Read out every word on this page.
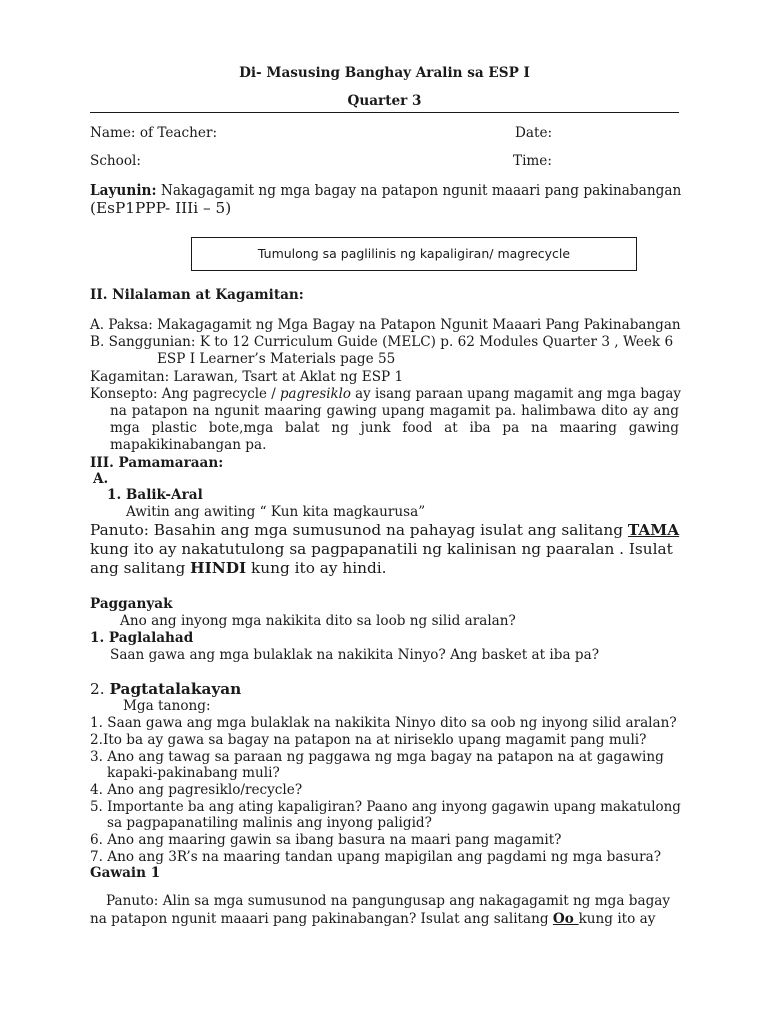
Di- Masusing Banghay Aralin sa ESP I
Quarter 3
Name: of Teacher:	Date:
School:	Time:
Layunin: Nakagagamit ng mga bagay na patapon ngunit maaari pang pakinabangan
(EsP1PPP- IIIi – 5)
Tumulong sa paglilinis ng kapaligiran/ magrecycle
II. Nilalaman at Kagamitan:
A. Paksa: Makagagamit ng Mga Bagay na Patapon Ngunit Maaari Pang Pakinabangan
B. Sanggunian: K to 12 Curriculum Guide (MELC) p. 62 Modules Quarter 3 , Week 6
ESP I Learner’s Materials page 55
Kagamitan: Larawan, Tsart at Aklat ng ESP 1
Konsepto: Ang pagrecycle / pagresiklo ay isang paraan upang magamit ang mga bagay
na patapon na ngunit maaring gawing upang magamit pa. halimbawa dito ay ang
mga plastic bote,mga balat ng junk food at iba pa na maaring gawing
mapakikinabangan pa.
III. Pamamaraan:
A.
1. Balik-Aral
Awitin ang awiting “ Kun kita magkaurusa”
Panuto: Basahin ang mga sumusunod na pahayag isulat ang salitang TAMA
kung ito ay nakatutulong sa pagpapanatili ng kalinisan ng paaralan . Isulat
ang salitang HINDI kung ito ay hindi.
Pagganyak
Ano ang inyong mga nakikita dito sa loob ng silid aralan?
1. Paglalahad
Saan gawa ang mga bulaklak na nakikita Ninyo? Ang basket at iba pa?
2. Pagtatalakayan
Mga tanong:
1. Saan gawa ang mga bulaklak na nakikita Ninyo dito sa oob ng inyong silid aralan?
2.Ito ba ay gawa sa bagay na patapon na at niriseklo upang magamit pang muli?
3. Ano ang tawag sa paraan ng paggawa ng mga bagay na patapon na at gagawing
kapaki-pakinabang muli?
4. Ano ang pagresiklo/recycle?
5. Importante ba ang ating kapaligiran? Paano ang inyong gagawin upang makatulong
sa pagpapanatiling malinis ang inyong paligid?
6. Ano ang maaring gawin sa ibang basura na maari pang magamit?
7. Ano ang 3R’s na maaring tandan upang mapigilan ang pagdami ng mga basura?
Gawain 1
Panuto: Alin sa mga sumusunod na pangungusap ang nakagagamit ng mga bagay
na patapon ngunit maaari pang pakinabangan? Isulat ang salitang Oo kung ito ay
